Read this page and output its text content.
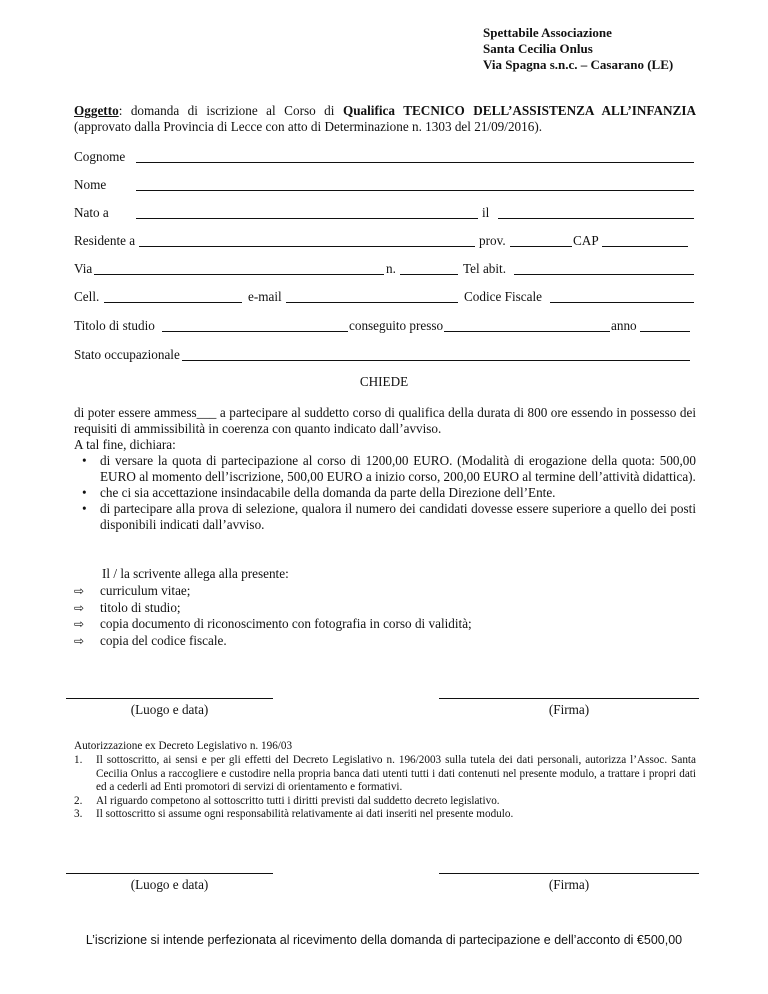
Spettabile Associazione
Santa Cecilia Onlus
Via Spagna s.n.c. – Casarano (LE)
Oggetto: domanda di iscrizione al Corso di Qualifica TECNICO DELL’ASSISTENZA ALL’INFANZIA (approvato dalla Provincia di Lecce con atto di Determinazione n. 1303 del 21/09/2016).
Cognome
Nome
Nato a	il
Residente a	prov.	CAP
Via	n.	Tel abit.
Cell.	e-mail	Codice Fiscale
Titolo di studio	conseguito presso	anno
Stato occupazionale
CHIEDE
di poter essere ammess___ a partecipare al suddetto corso di qualifica della durata di 800 ore essendo in possesso dei requisiti di ammissibilità in coerenza con quanto indicato dall’avviso.
A tal fine, dichiara:
• di versare la quota di partecipazione al corso di 1200,00 EURO. (Modalità di erogazione della quota: 500,00 EURO al momento dell’iscrizione, 500,00 EURO a inizio corso, 200,00 EURO al termine dell’attività didattica).
• che ci sia accettazione insindacabile della domanda da parte della Direzione dell’Ente.
• di partecipare alla prova di selezione, qualora il numero dei candidati dovesse essere superiore a quello dei posti disponibili indicati dall’avviso.
Il / la scrivente allega alla presente:
⇨ curriculum vitae;
⇨ titolo di studio;
⇨ copia documento di riconoscimento con fotografia in corso di validità;
⇨ copia del codice fiscale.
(Luogo e data)	(Firma)
Autorizzazione ex Decreto Legislativo n. 196/03
1. Il sottoscritto, ai sensi e per gli effetti del Decreto Legislativo n. 196/2003 sulla tutela dei dati personali, autorizza l’Assoc. Santa Cecilia Onlus a raccogliere e custodire nella propria banca dati utenti tutti i dati contenuti nel presente modulo, a trattare i propri dati ed a cederli ad Enti promotori di servizi di orientamento e formativi.
2. Al riguardo competono al sottoscritto tutti i diritti previsti dal suddetto decreto legislativo.
3. Il sottoscritto si assume ogni responsabilità relativamente ai dati inseriti nel presente modulo.
(Luogo e data)	(Firma)
L’iscrizione si intende perfezionata al ricevimento della domanda di partecipazione e dell’acconto di €500,00
